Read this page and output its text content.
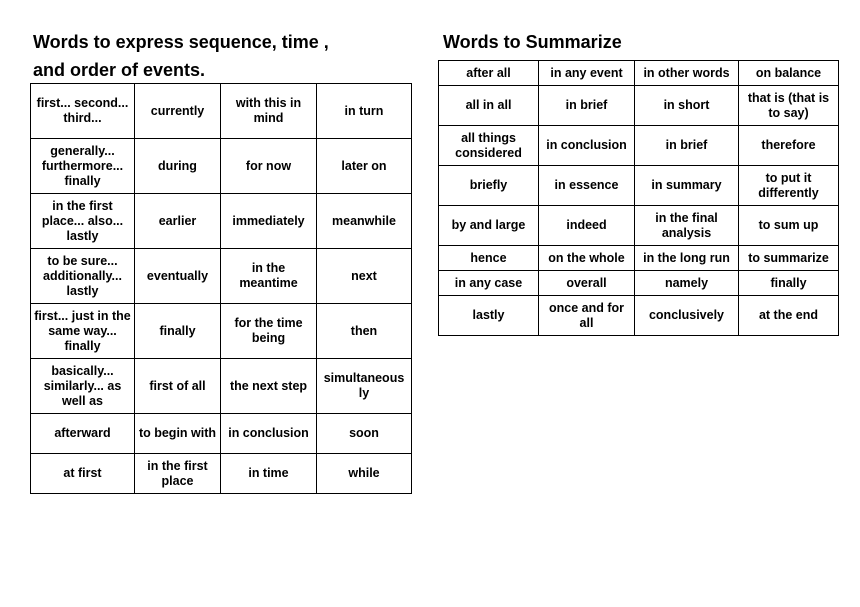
Words to express sequence, time ,
and order of events.
first... second... third...	currently	with this in mind	in turn
generally... furthermore... finally	during	for now	later on
in the first place... also... lastly	earlier	immediately	meanwhile
to be sure... additionally... lastly	eventually	in the meantime	next
first... just in the same way... finally	finally	for the time being	then
basically... similarly... as well as	first of all	the next step	simultaneous ly
afterward	to begin with	in conclusion	soon
at first	in the first place	in time	while
Words to Summarize
after all	in any event	in other words	on balance
all in all	in brief	in short	that is (that is to say)
all things considered	in conclusion	in brief	therefore
briefly	in essence	in summary	to put it differently
by and large	indeed	in the final analysis	to sum up
hence	on the whole	in the long run	to summarize
in any case	overall	namely	finally
lastly	once and for all	conclusively	at the end
